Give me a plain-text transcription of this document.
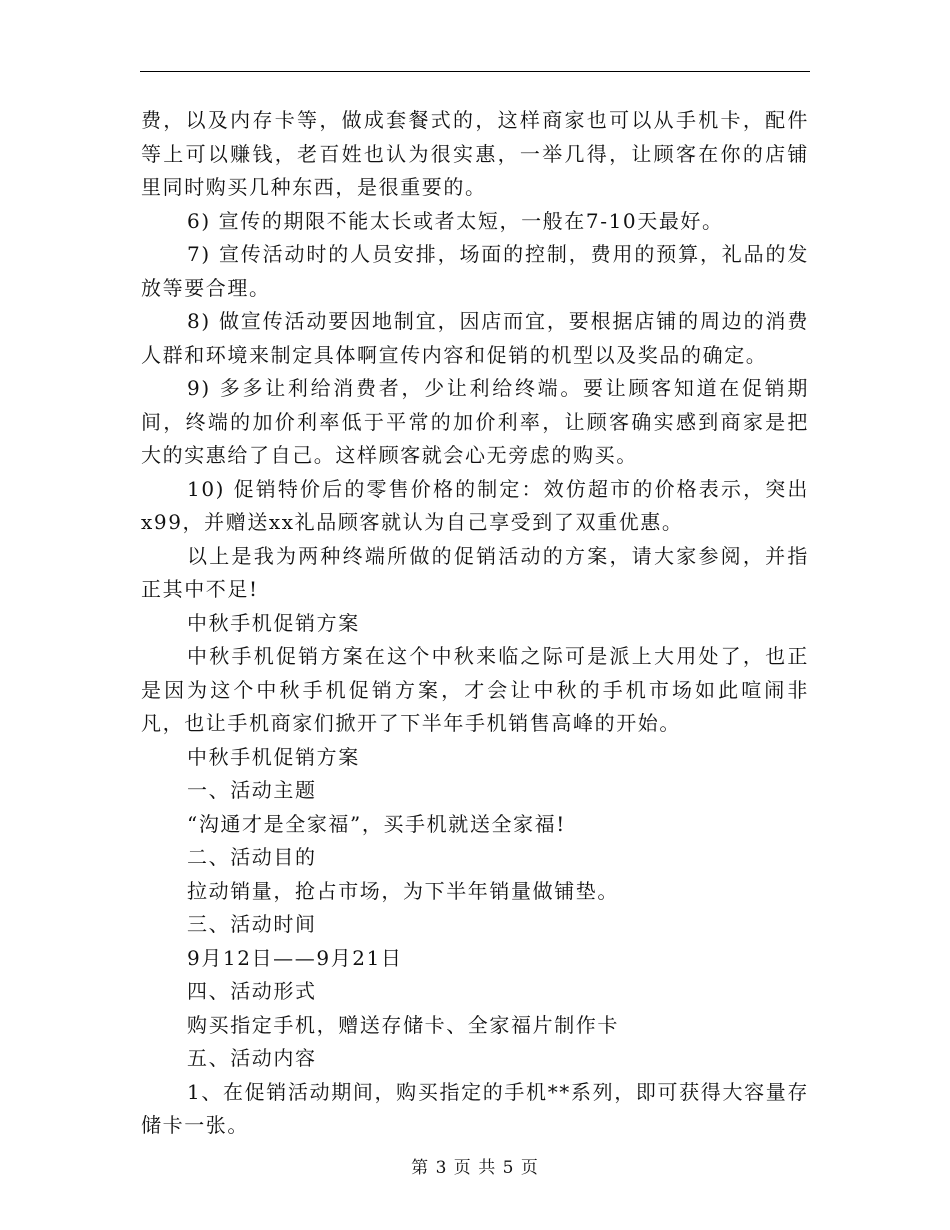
费，以及内存卡等，做成套餐式的，这样商家也可以从手机卡，配件等上可以赚钱，老百姓也认为很实惠，一举几得，让顾客在你的店铺里同时购买几种东西，是很重要的。

6) 宣传的期限不能太长或者太短，一般在7-10天最好。

7) 宣传活动时的人员安排，场面的控制，费用的预算，礼品的发放等要合理。

8) 做宣传活动要因地制宜，因店而宜，要根据店铺的周边的消费人群和环境来制定具体啊宣传内容和促销的机型以及奖品的确定。

9) 多多让利给消费者，少让利给终端。要让顾客知道在促销期间，终端的加价利率低于平常的加价利率，让顾客确实感到商家是把大的实惠给了自己。这样顾客就会心无旁虑的购买。

10) 促销特价后的零售价格的制定：效仿超市的价格表示，突出x99，并赠送xx礼品顾客就认为自己享受到了双重优惠。

以上是我为两种终端所做的促销活动的方案，请大家参阅，并指正其中不足!

中秋手机促销方案

中秋手机促销方案在这个中秋来临之际可是派上大用处了，也正是因为这个中秋手机促销方案，才会让中秋的手机市场如此喧闹非凡，也让手机商家们掀开了下半年手机销售高峰的开始。

中秋手机促销方案

一、活动主题

“沟通才是全家福”，买手机就送全家福!

二、活动目的

拉动销量，抢占市场，为下半年销量做铺垫。

三、活动时间

9月12日——9月21日

四、活动形式

购买指定手机，赠送存储卡、全家福片制作卡

五、活动内容

1、在促销活动期间，购买指定的手机**系列，即可获得大容量存储卡一张。

第 3 页 共 5 页
